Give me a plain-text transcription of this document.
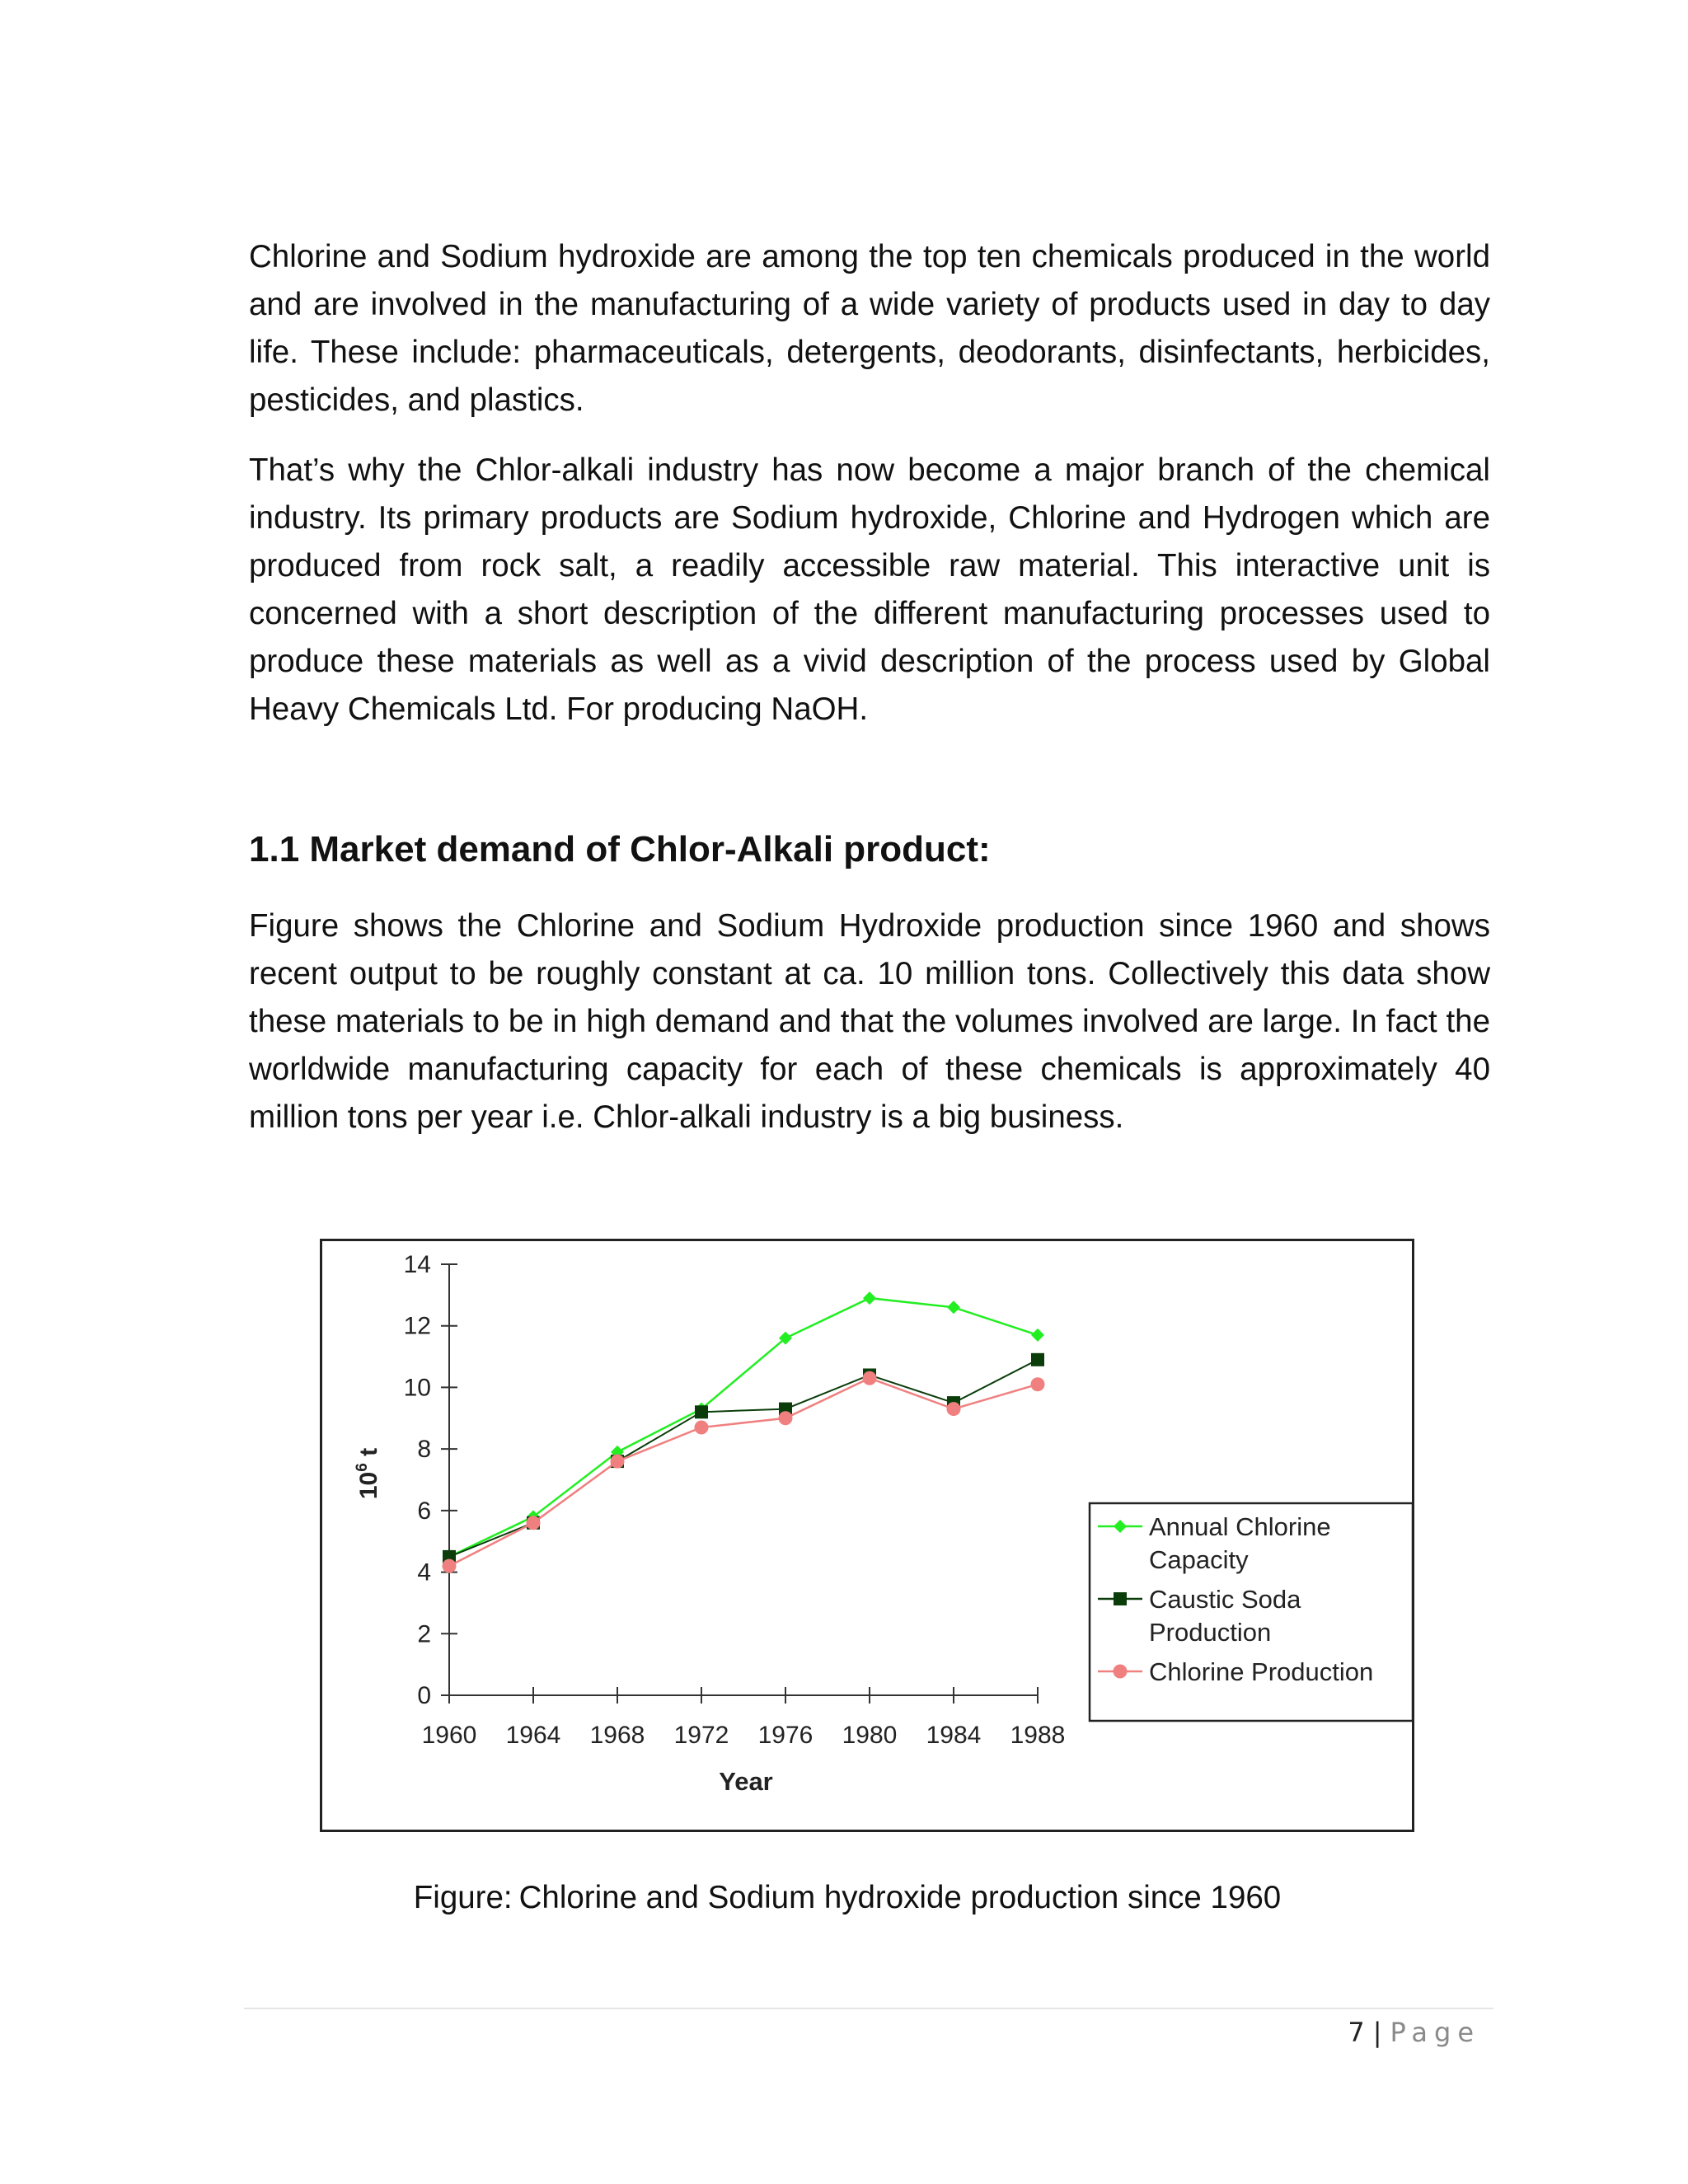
Chlorine and Sodium hydroxide are among the top ten chemicals produced in the world and are involved in the manufacturing of a wide variety of products used in day to day life. These include: pharmaceuticals, detergents, deodorants, disinfectants, herbicides, pesticides, and plastics.

That’s why the Chlor-alkali industry has now become a major branch of the chemical industry. Its primary products are Sodium hydroxide, Chlorine and Hydrogen which are produced from rock salt, a readily accessible raw material. This interactive unit is concerned with a short description of the different manufacturing processes used to produce these materials as well as a vivid description of the process used by Global Heavy Chemicals Ltd. For producing NaOH.

1.1 Market demand of Chlor-Alkali product:

Figure shows the Chlorine and Sodium Hydroxide production since 1960 and shows recent output to be roughly constant at ca. 10 million tons. Collectively this data show these materials to be in high demand and that the volumes involved are large. In fact the worldwide manufacturing capacity for each of these chemicals is approximately 40 million tons per year i.e. Chlor-alkali industry is a big business.

0
2
4
6
8
10
12
14
1960 1964 1968 1972 1976 1980 1984 1988
Year
$10^6$ t
Annual Chlorine
Capacity
Caustic Soda
Production
Chlorine Production

Figure: Chlorine and Sodium hydroxide production since 1960

7 | Page
